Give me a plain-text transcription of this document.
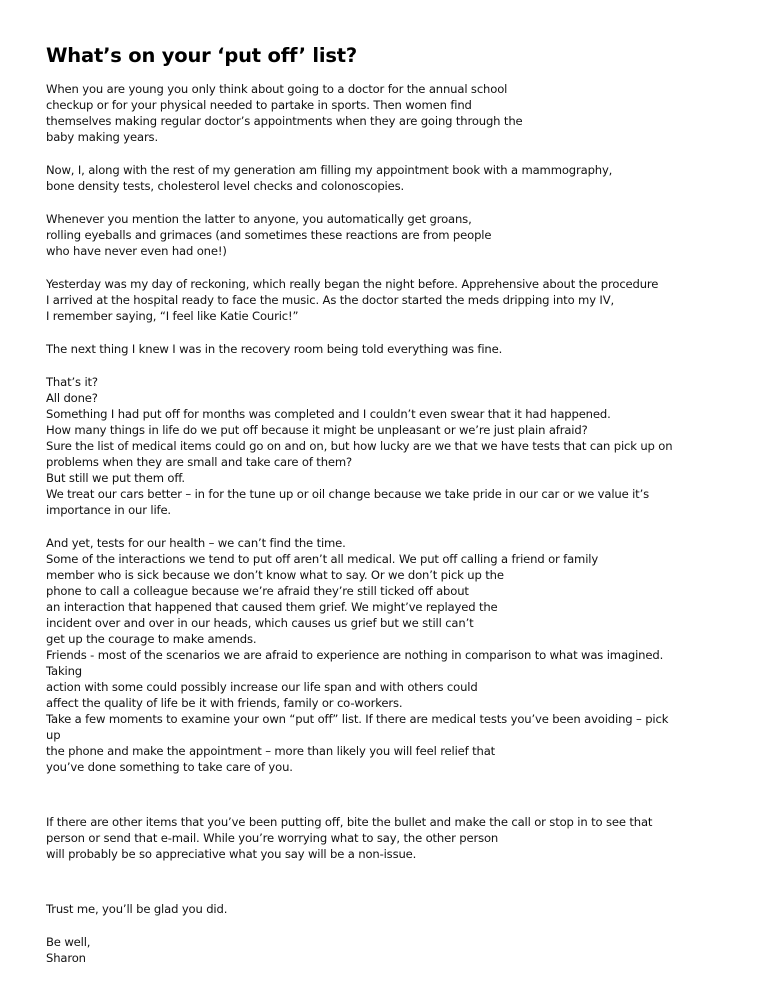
What’s on your ‘put off’ list?
When you are young you only think about going to a doctor for the annual school
checkup or for your physical needed to partake in sports. Then women find
themselves making regular doctor’s appointments when they are going through the
baby making years.
Now, I, along with the rest of my generation am filling my appointment book with a mammography,
bone density tests, cholesterol level checks and colonoscopies.
Whenever you mention the latter to anyone, you automatically get groans,
rolling eyeballs and grimaces (and sometimes these reactions are from people
who have never even had one!)
Yesterday was my day of reckoning, which really began the night before. Apprehensive about the procedure
I arrived at the hospital ready to face the music. As the doctor started the meds dripping into my IV,
I remember saying, “I feel like Katie Couric!”
The next thing I knew I was in the recovery room being told everything was fine.
That’s it?
All done?
Something I had put off for months was completed and I couldn’t even swear that it had happened.
How many things in life do we put off because it might be unpleasant or we’re just plain afraid?
Sure the list of medical items could go on and on, but how lucky are we that we have tests that can pick up on
problems when they are small and take care of them?
But still we put them off.
We treat our cars better – in for the tune up or oil change because we take pride in our car or we value it’s
importance in our life.
And yet, tests for our health – we can’t find the time.
Some of the interactions we tend to put off aren’t all medical. We put off calling a friend or family
member who is sick because we don’t know what to say. Or we don’t pick up the
phone to call a colleague because we’re afraid they’re still ticked off about
an interaction that happened that caused them grief. We might’ve replayed the
incident over and over in our heads, which causes us grief but we still can’t
get up the courage to make amends.
Friends - most of the scenarios we are afraid to experience are nothing in comparison to what was imagined.
Taking
action with some could possibly increase our life span and with others could
affect the quality of life be it with friends, family or co-workers.
Take a few moments to examine your own “put off” list. If there are medical tests you’ve been avoiding – pick
up
the phone and make the appointment – more than likely you will feel relief that
you’ve done something to take care of you.
If there are other items that you’ve been putting off, bite the bullet and make the call or stop in to see that
person or send that e-mail. While you’re worrying what to say, the other person
will probably be so appreciative what you say will be a non-issue.
Trust me, you’ll be glad you did.
Be well,
Sharon
